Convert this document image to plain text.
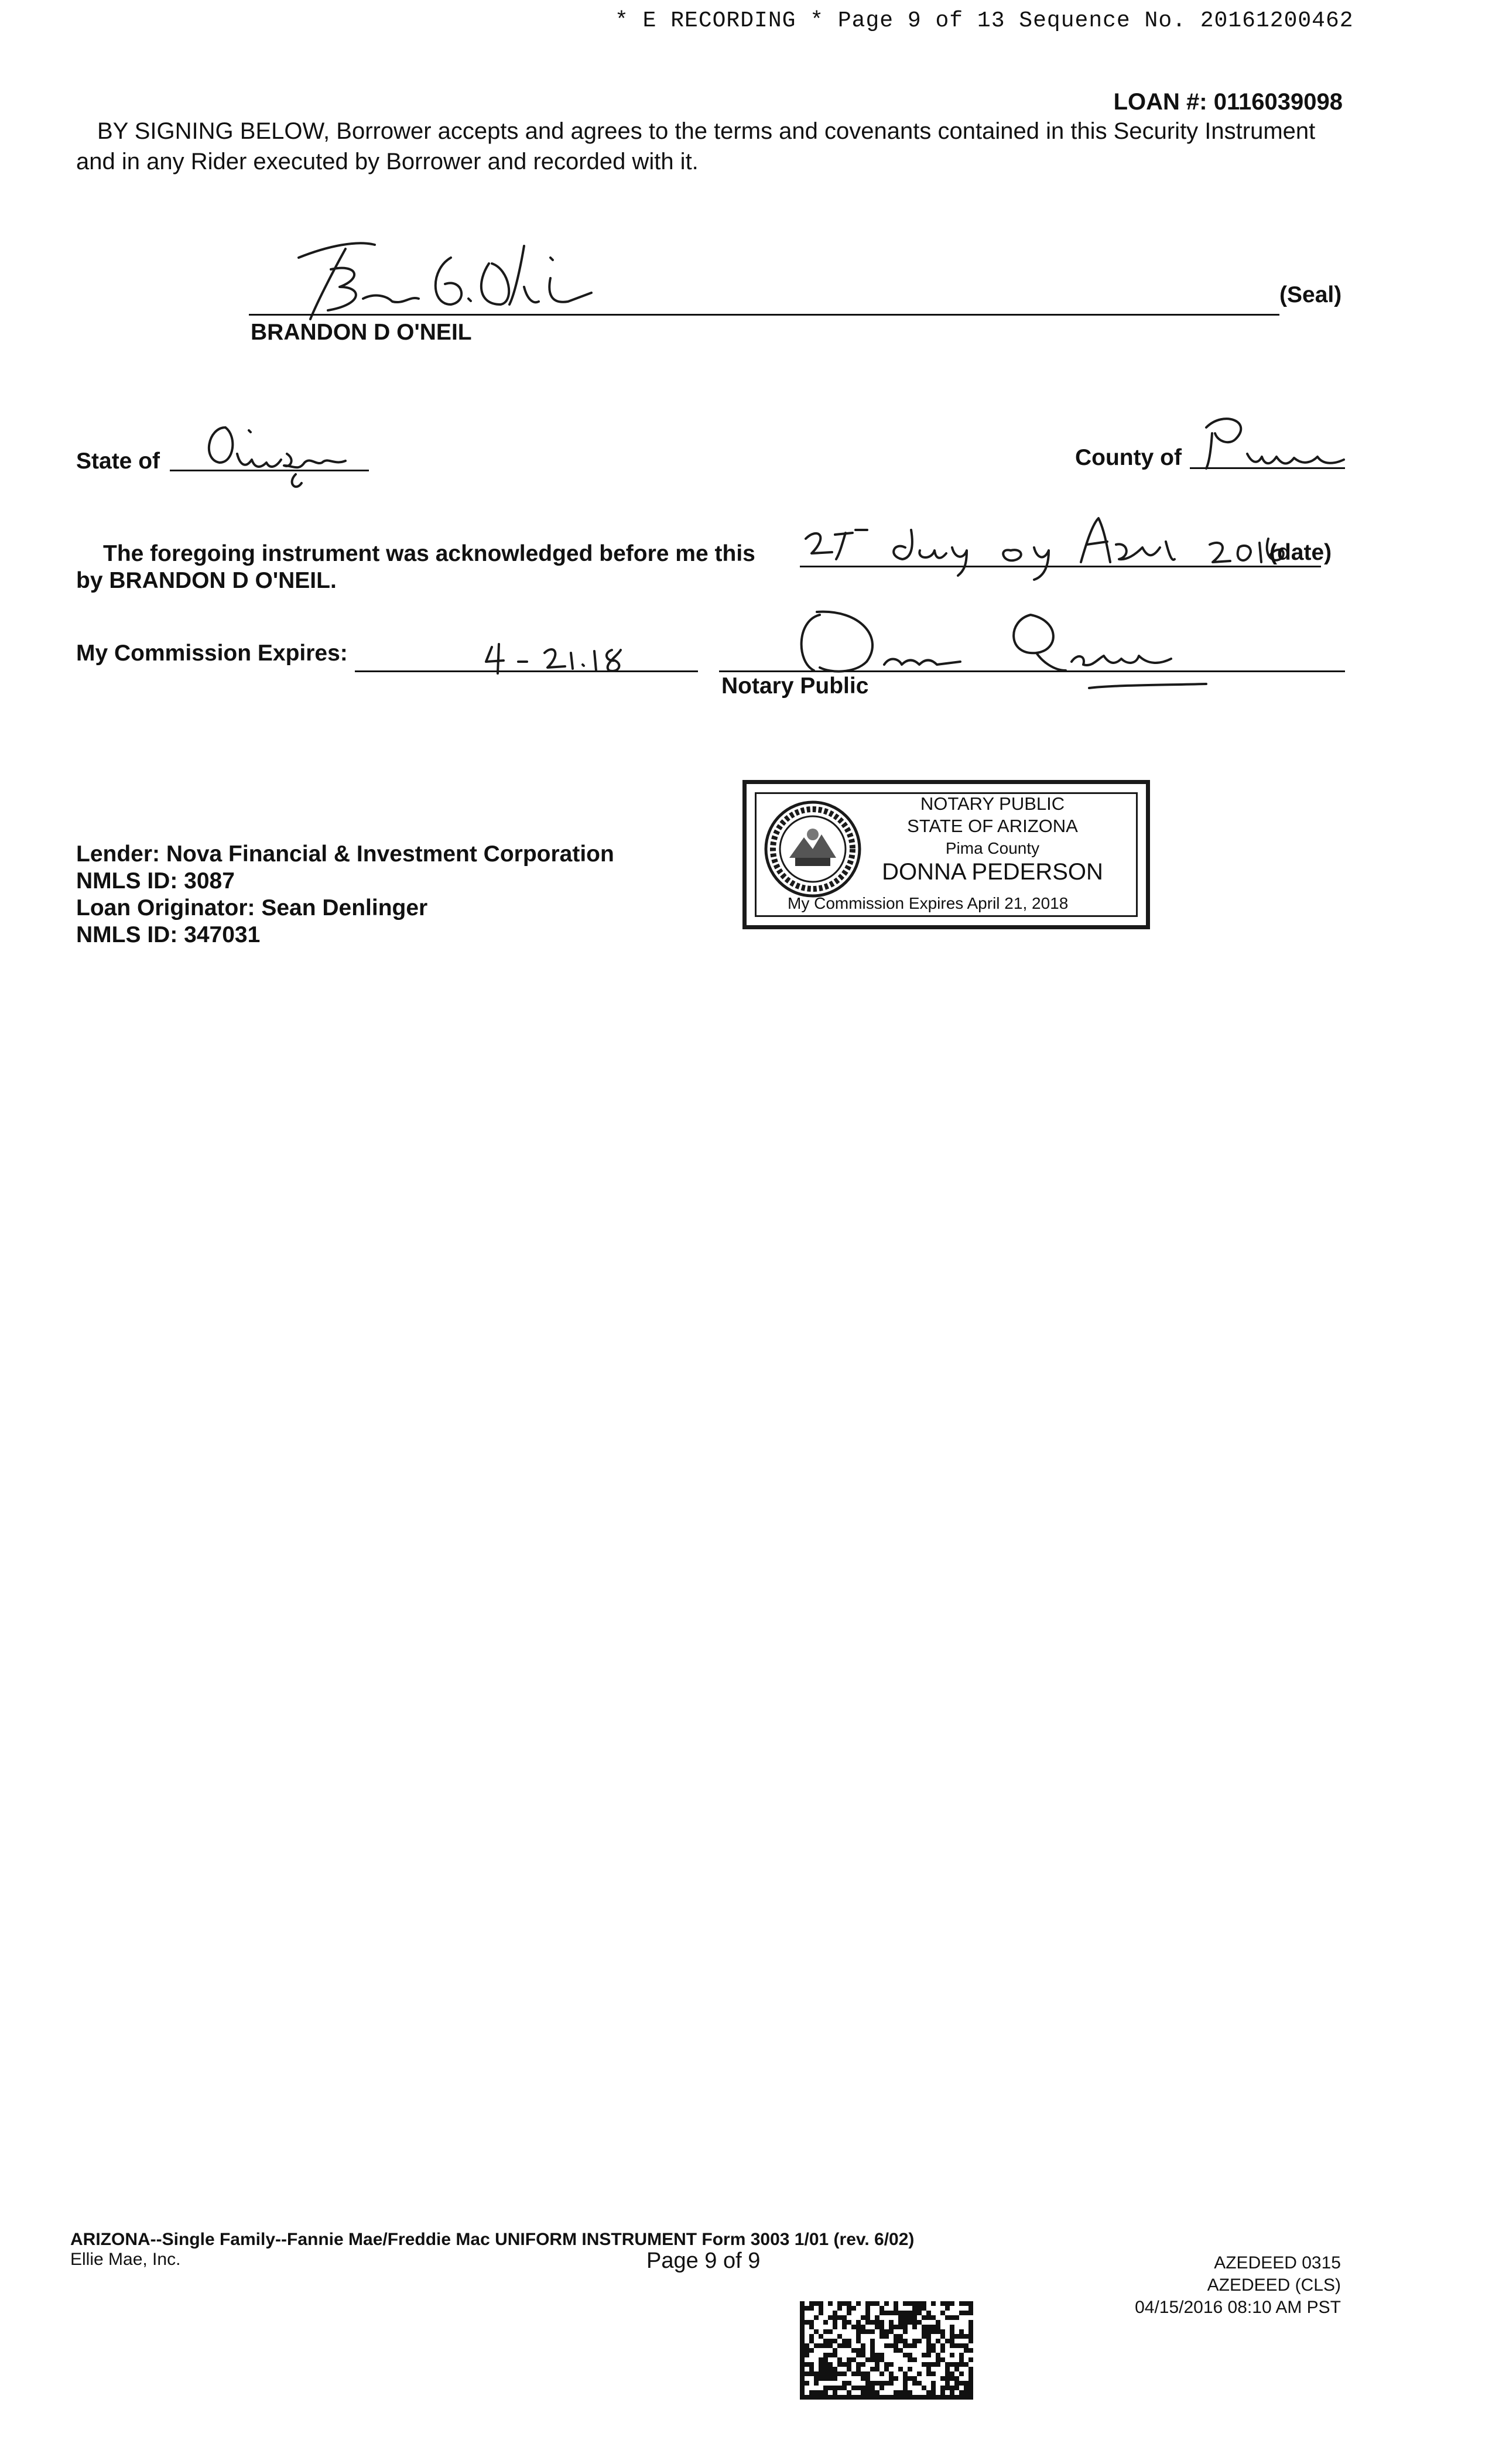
* E RECORDING * Page 9 of 13 Sequence No. 20161200462
LOAN #: 0116039098
BY SIGNING BELOW, Borrower accepts and agrees to the terms and covenants contained in this Security Instrument and in any Rider executed by Borrower and recorded with it.
(Seal)
BRANDON D O'NEIL
State of	County of
The foregoing instrument was acknowledged before me this	(date)
by BRANDON D O'NEIL.
My Commission Expires:
Notary Public
Lender: Nova Financial & Investment Corporation
NMLS ID: 3087
Loan Originator: Sean Denlinger
NMLS ID: 347031
NOTARY PUBLIC
STATE OF ARIZONA
Pima County
DONNA PEDERSON
My Commission Expires April 21, 2018
ARIZONA--Single Family--Fannie Mae/Freddie Mac UNIFORM INSTRUMENT Form 3003 1/01 (rev. 6/02)
Ellie Mae, Inc.	Page 9 of 9	AZEDEED 0315
AZEDEED (CLS)
04/15/2016 08:10 AM PST
